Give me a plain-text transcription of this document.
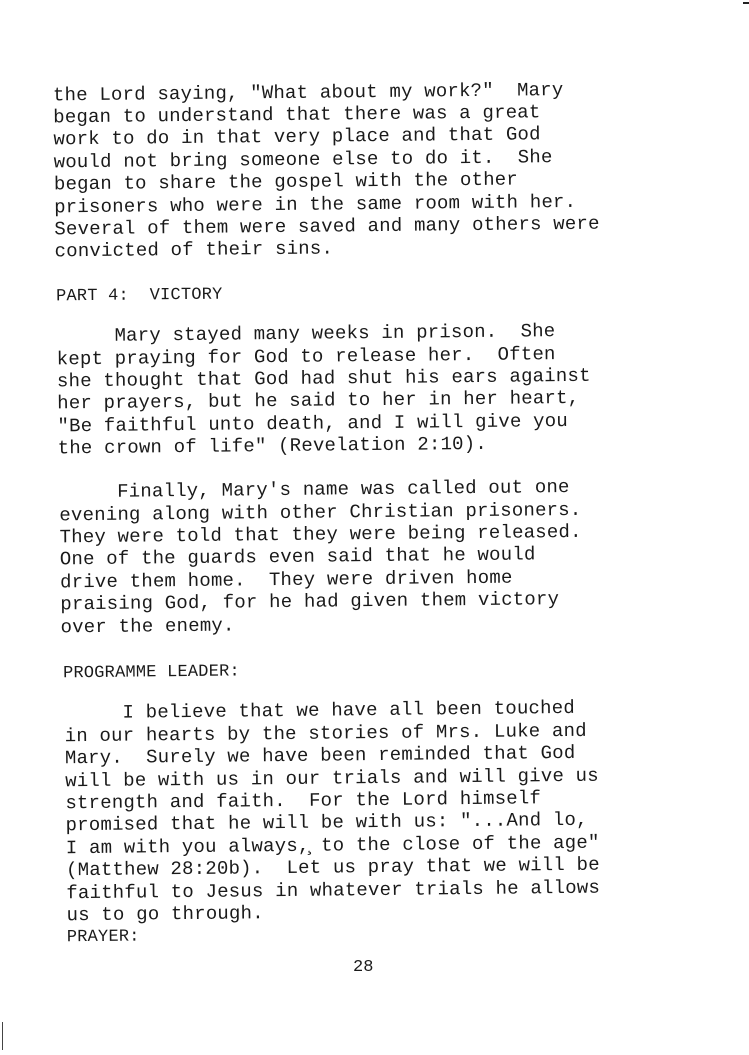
the Lord saying, "What about my work?"  Mary
began to understand that there was a great
work to do in that very place and that God
would not bring someone else to do it.  She
began to share the gospel with the other
prisoners who were in the same room with her.
Several of them were saved and many others were
convicted of their sins.
PART 4:  VICTORY
Mary stayed many weeks in prison.  She
kept praying for God to release her.  Often
she thought that God had shut his ears against
her prayers, but he said to her in her heart,
"Be faithful unto death, and I will give you
the crown of life" (Revelation 2:10).
Finally, Mary's name was called out one
evening along with other Christian prisoners.
They were told that they were being released.
One of the guards even said that he would
drive them home.  They were driven home
praising God, for he had given them victory
over the enemy.
PROGRAMME LEADER:
I believe that we have all been touched
in our hearts by the stories of Mrs. Luke and
Mary.  Surely we have been reminded that God
will be with us in our trials and will give us
strength and faith.  For the Lord himself
promised that he will be with us: "...And lo,
I am with you always,̧ to the close of the age"
(Matthew 28:20b).  Let us pray that we will be
faithful to Jesus in whatever trials he allows
us to go through.
PRAYER:
28
